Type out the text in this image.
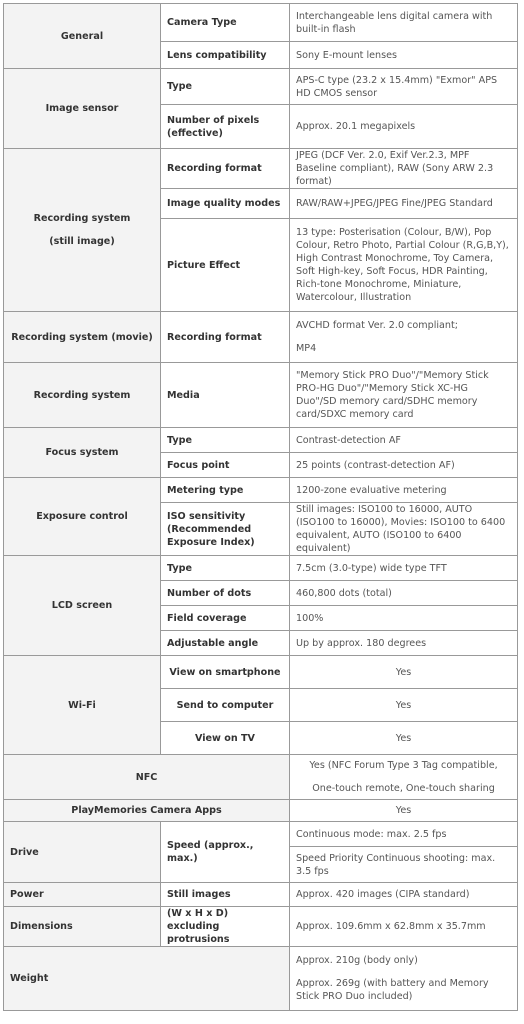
General	Camera Type	Interchangeable lens digital camera with built-in flash
	Lens compatibility	Sony E-mount lenses
Image sensor	Type	APS-C type (23.2 x 15.4mm) "Exmor" APS HD CMOS sensor
	Number of pixels (effective)	Approx. 20.1 megapixels

Recording system
(still image)	Recording format	JPEG (DCF Ver. 2.0, Exif Ver.2.3, MPF Baseline compliant), RAW (Sony ARW 2.3 format)
	Image quality modes	RAW/RAW+JPEG/JPEG Fine/JPEG Standard
	Picture Effect	13 type: Posterisation (Colour, B/W), Pop Colour, Retro Photo, Partial Colour (R,G,B,Y), High Contrast Monochrome, Toy Camera, Soft High-key, Soft Focus, HDR Painting, Rich-tone Monochrome, Miniature, Watercolour, Illustration
Recording system (movie)	Recording format	AVCHD format Ver. 2.0 compliant;
MP4

Recording system	Media	"Memory Stick PRO Duo"/"Memory Stick PRO-HG Duo"/"Memory Stick XC-HG Duo"/SD memory card/SDHC memory card/SDXC memory card
Focus system	Type	Contrast-detection AF
	Focus point	25 points (contrast-detection AF)
Exposure control	Metering type	1200-zone evaluative metering
	ISO sensitivity (Recommended Exposure Index)	Still images: ISO100 to 16000, AUTO (ISO100 to 16000), Movies: ISO100 to 6400 equivalent, AUTO (ISO100 to 6400 equivalent)
LCD screen	Type	7.5cm (3.0-type) wide type TFT
	Number of dots	460,800 dots (total)
	Field coverage	100%
	Adjustable angle	Up by approx. 180 degrees
Wi-Fi	View on smartphone	Yes
	Send to computer	Yes
	View on TV	Yes
NFC		Yes (NFC Forum Type 3 Tag compatible,
One-touch remote, One-touch sharing

PlayMemories Camera Apps		Yes
Drive	Speed (approx., max.)	Continuous mode: max. 2.5 fps
		Speed Priority Continuous shooting: max. 3.5 fps
Power	Still images	Approx. 420 images (CIPA standard)
Dimensions	(W x H x D) excluding protrusions	Approx. 109.6mm x 62.8mm x 35.7mm
Weight		Approx. 210g (body only)
Approx. 269g (with battery and Memory Stick PRO Duo included)
